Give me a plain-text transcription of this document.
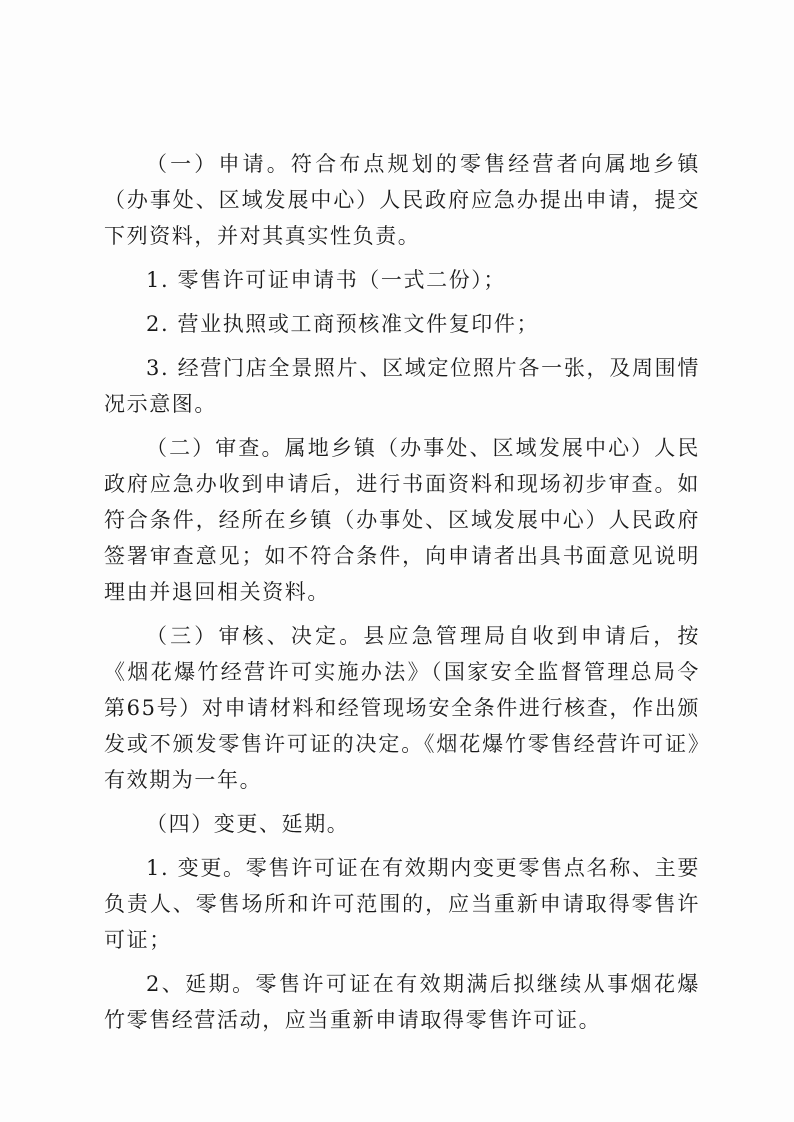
（一）申请。符合布点规划的零售经营者向属地乡镇（办事处、区域发展中心）人民政府应急办提出申请，提交下列资料，并对其真实性负责。

1. 零售许可证申请书（一式二份）；

2. 营业执照或工商预核准文件复印件；

3. 经营门店全景照片、区域定位照片各一张，及周围情况示意图。

（二）审查。属地乡镇（办事处、区域发展中心）人民政府应急办收到申请后，进行书面资料和现场初步审查。如符合条件，经所在乡镇（办事处、区域发展中心）人民政府签署审查意见；如不符合条件，向申请者出具书面意见说明理由并退回相关资料。

（三）审核、决定。县应急管理局自收到申请后，按《烟花爆竹经营许可实施办法》（国家安全监督管理总局令第65号）对申请材料和经管现场安全条件进行核查，作出颁发或不颁发零售许可证的决定。《烟花爆竹零售经营许可证》有效期为一年。

（四）变更、延期。

1. 变更。零售许可证在有效期内变更零售点名称、主要负责人、零售场所和许可范围的，应当重新申请取得零售许可证；

2、延期。零售许可证在有效期满后拟继续从事烟花爆竹零售经营活动，应当重新申请取得零售许可证。
